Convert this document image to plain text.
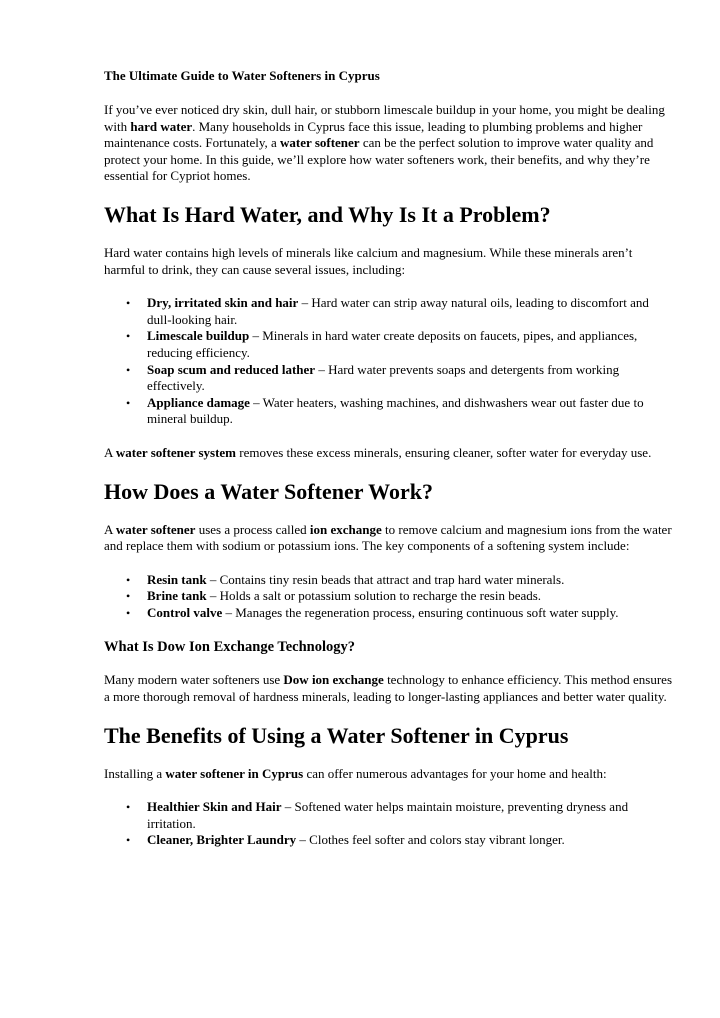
The Ultimate Guide to Water Softeners in Cyprus

If you’ve ever noticed dry skin, dull hair, or stubborn limescale buildup in your home, you might be dealing with hard water. Many households in Cyprus face this issue, leading to plumbing problems and higher maintenance costs. Fortunately, a water softener can be the perfect solution to improve water quality and protect your home. In this guide, we’ll explore how water softeners work, their benefits, and why they’re essential for Cypriot homes.

What Is Hard Water, and Why Is It a Problem?

Hard water contains high levels of minerals like calcium and magnesium. While these minerals aren’t harmful to drink, they can cause several issues, including:

• Dry, irritated skin and hair – Hard water can strip away natural oils, leading to discomfort and dull-looking hair.
• Limescale buildup – Minerals in hard water create deposits on faucets, pipes, and appliances, reducing efficiency.
• Soap scum and reduced lather – Hard water prevents soaps and detergents from working effectively.
• Appliance damage – Water heaters, washing machines, and dishwashers wear out faster due to mineral buildup.

A water softener system removes these excess minerals, ensuring cleaner, softer water for everyday use.

How Does a Water Softener Work?

A water softener uses a process called ion exchange to remove calcium and magnesium ions from the water and replace them with sodium or potassium ions. The key components of a softening system include:

• Resin tank – Contains tiny resin beads that attract and trap hard water minerals.
• Brine tank – Holds a salt or potassium solution to recharge the resin beads.
• Control valve – Manages the regeneration process, ensuring continuous soft water supply.
What Is Dow Ion Exchange Technology?

Many modern water softeners use Dow ion exchange technology to enhance efficiency. This method ensures a more thorough removal of hardness minerals, leading to longer-lasting appliances and better water quality.

The Benefits of Using a Water Softener in Cyprus

Installing a water softener in Cyprus can offer numerous advantages for your home and health:

• Healthier Skin and Hair – Softened water helps maintain moisture, preventing dryness and irritation.
• Cleaner, Brighter Laundry – Clothes feel softer and colors stay vibrant longer.
